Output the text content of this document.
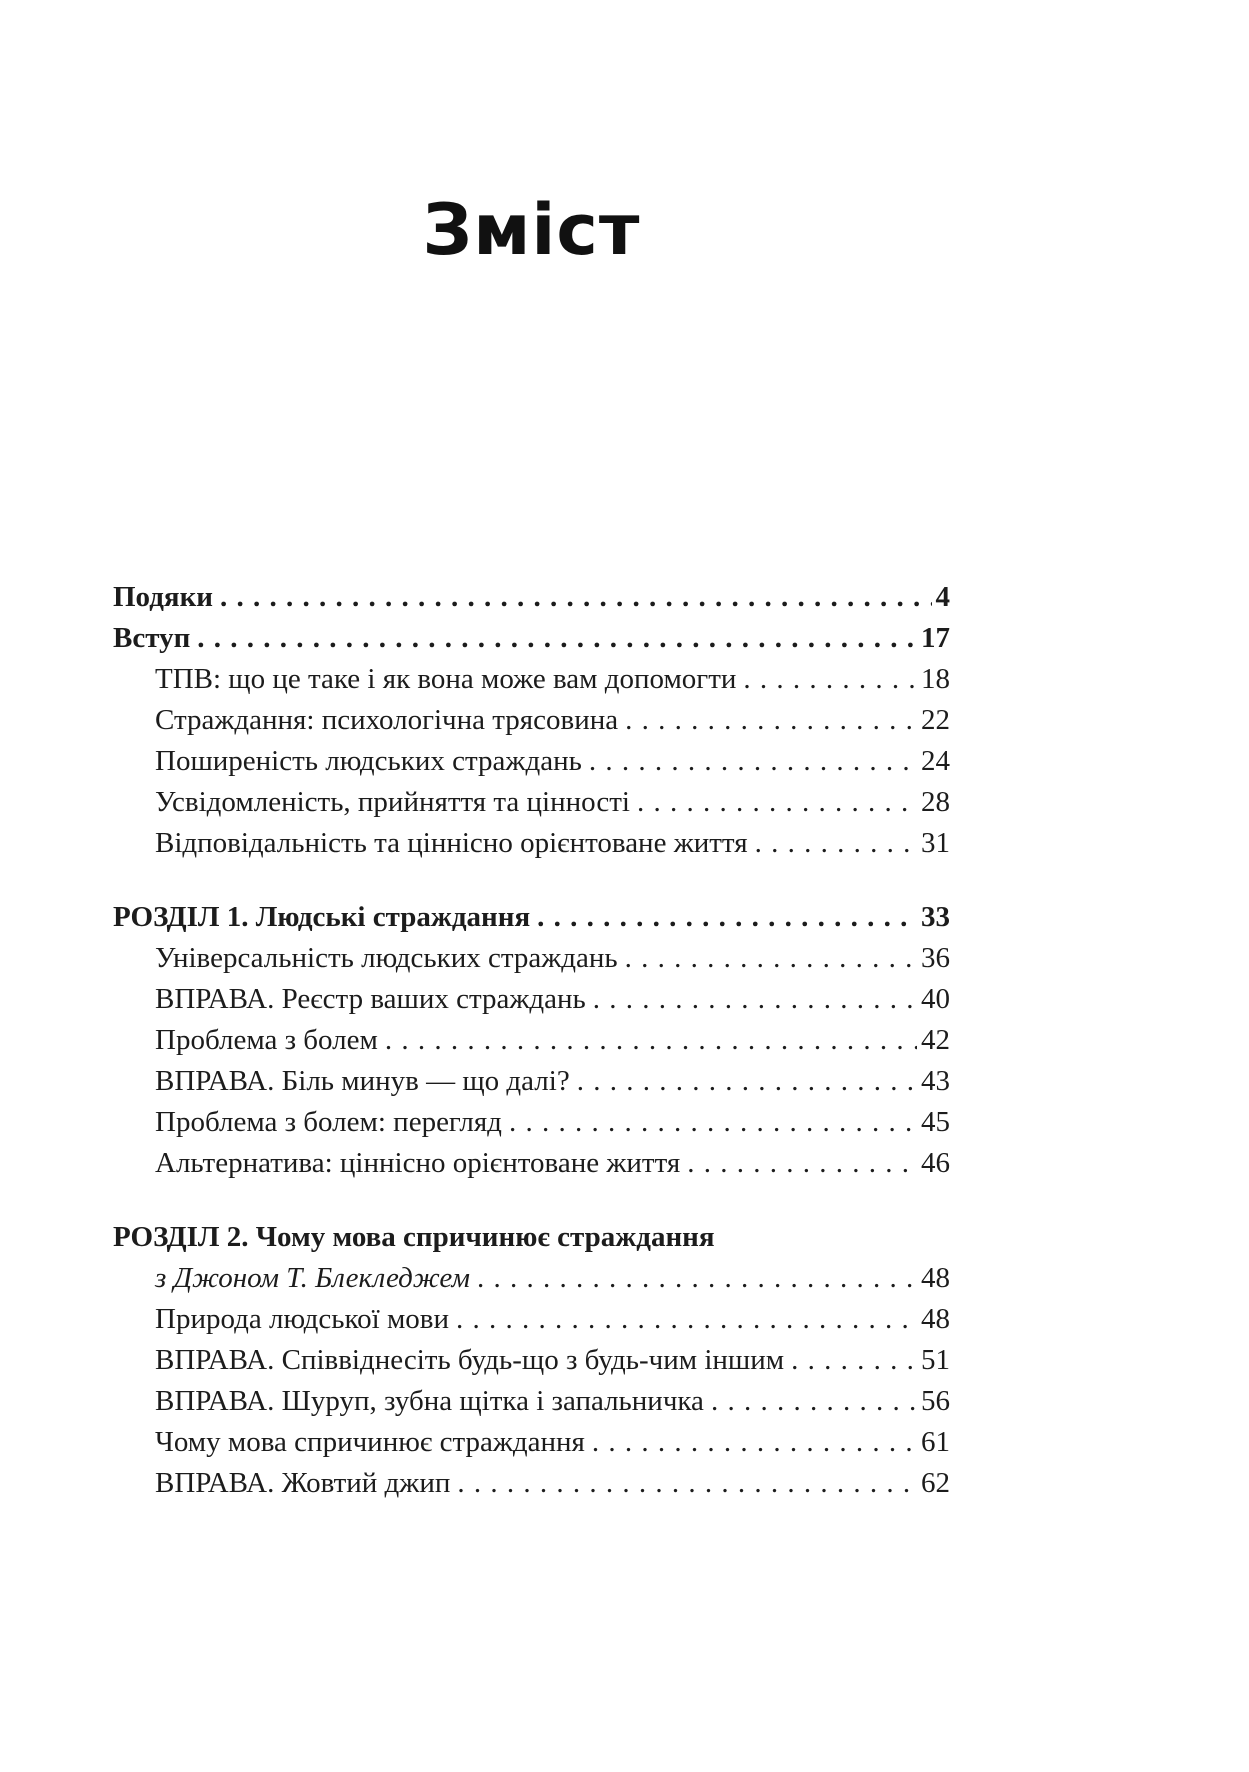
Зміст
Подяки . . .	4
Вступ . . .	17
ТПВ: що це таке і як вона може вам допомогти . . .	18
Страждання: психологічна трясовина . . .	22
Поширеність людських страждань . . .	24
Усвідомленість, прийняття та цінності . . .	28
Відповідальність та ціннісно орієнтоване життя . . .	31
РОЗДІЛ 1. Людські страждання . . .	33
Універсальність людських страждань . . .	36
ВПРАВА. Реєстр ваших страждань . . .	40
Проблема з болем . . .	42
ВПРАВА. Біль минув — що далі? . . .	43
Проблема з болем: перегляд . . .	45
Альтернатива: ціннісно орієнтоване життя . . .	46
РОЗДІЛ 2. Чому мова спричинює страждання
з Джоном Т. Блекледжем . . .	48
Природа людської мови . . .	48
ВПРАВА. Співвіднесіть будь-що з будь-чим іншим . . .	51
ВПРАВА. Шуруп, зубна щітка і запальничка . . .	56
Чому мова спричинює страждання . . .	61
ВПРАВА. Жовтий джип . . .	62
